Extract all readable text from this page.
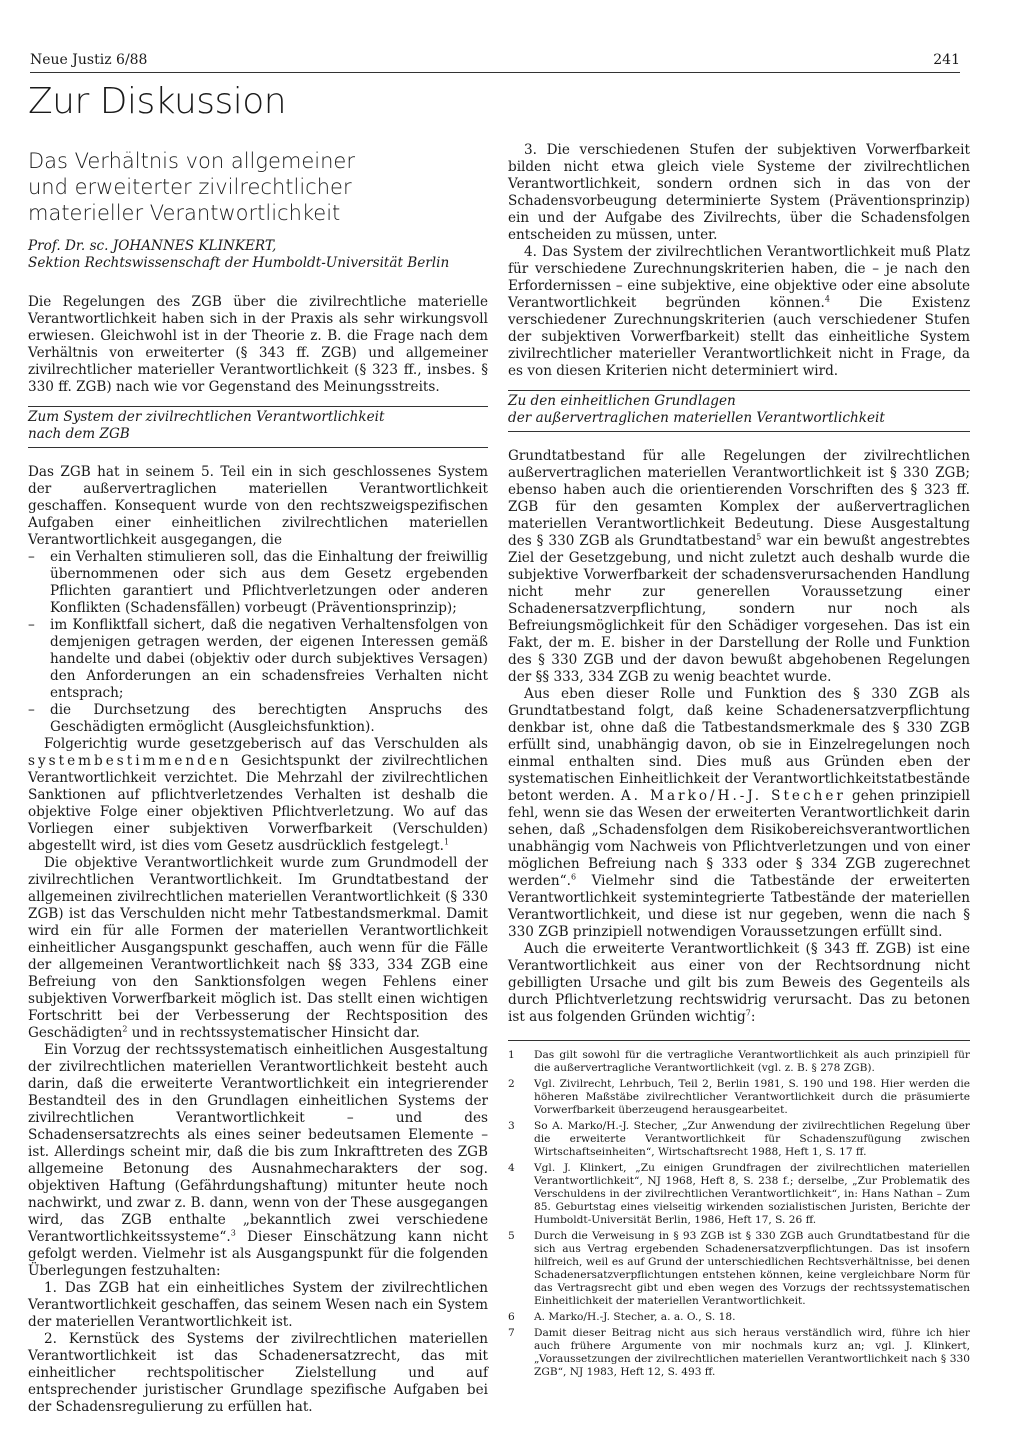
Neue Justiz 6/88	241
Zur Diskussion
Das Verhältnis von allgemeiner
und erweiterter zivilrechtlicher
materieller Verantwortlichkeit
Prof. Dr. sc. JOHANNES KLINKERT,
Sektion Rechtswissenschaft der Humboldt-Universität Berlin

Die Regelungen des ZGB über die zivilrechtliche materielle Verantwortlichkeit haben sich in der Praxis als sehr wirkungsvoll erwiesen. Gleichwohl ist in der Theorie z. B. die Frage nach dem Verhältnis von erweiterter (§ 343 ff. ZGB) und allgemeiner zivilrechtlicher materieller Verantwortlichkeit (§ 323 ff., insbes. § 330 ff. ZGB) nach wie vor Gegenstand des Meinungsstreits.

Zum System der zivilrechtlichen Verantwortlichkeit
nach dem ZGB

Das ZGB hat in seinem 5. Teil ein in sich geschlossenes System der außervertraglichen materiellen Verantwortlichkeit geschaffen. Konsequent wurde von den rechtszweigspezifischen Aufgaben einer einheitlichen zivilrechtlichen materiellen Verantwortlichkeit ausgegangen, die

– ein Verhalten stimulieren soll, das die Einhaltung der freiwillig übernommenen oder sich aus dem Gesetz ergebenden Pflichten garantiert und Pflichtverletzungen oder anderen Konflikten (Schadensfällen) vorbeugt (Präventionsprinzip);
– im Konfliktfall sichert, daß die negativen Verhaltensfolgen von demjenigen getragen werden, der eigenen Interessen gemäß handelte und dabei (objektiv oder durch subjektives Versagen) den Anforderungen an ein schadensfreies Verhalten nicht entsprach;
– die Durchsetzung des berechtigten Anspruchs des Geschädigten ermöglicht (Ausgleichsfunktion).

Folgerichtig wurde gesetzgeberisch auf das Verschulden als systembestimmenden Gesichtspunkt der zivilrechtlichen Verantwortlichkeit verzichtet. Die Mehrzahl der zivilrechtlichen Sanktionen auf pflichtverletzendes Verhalten ist deshalb die objektive Folge einer objektiven Pflichtverletzung. Wo auf das Vorliegen einer subjektiven Vorwerfbarkeit (Verschulden) abgestellt wird, ist dies vom Gesetz ausdrücklich festgelegt.$^1$

Die objektive Verantwortlichkeit wurde zum Grundmodell der zivilrechtlichen Verantwortlichkeit. Im Grundtatbestand der allgemeinen zivilrechtlichen materiellen Verantwortlichkeit (§ 330 ZGB) ist das Verschulden nicht mehr Tatbestandsmerkmal. Damit wird ein für alle Formen der materiellen Verantwortlichkeit einheitlicher Ausgangspunkt geschaffen, auch wenn für die Fälle der allgemeinen Verantwortlichkeit nach §§ 333, 334 ZGB eine Befreiung von den Sanktionsfolgen wegen Fehlens einer subjektiven Vorwerfbarkeit möglich ist. Das stellt einen wichtigen Fortschritt bei der Verbesserung der Rechtsposition des Geschädigten$^2$ und in rechtssystematischer Hinsicht dar.

Ein Vorzug der rechtssystematisch einheitlichen Ausgestaltung der zivilrechtlichen materiellen Verantwortlichkeit besteht auch darin, daß die erweiterte Verantwortlichkeit ein integrierender Bestandteil des in den Grundlagen einheitlichen Systems der zivilrechtlichen Verantwortlichkeit – und des Schadensersatzrechts als eines seiner bedeutsamen Elemente – ist. Allerdings scheint mir, daß die bis zum Inkrafttreten des ZGB allgemeine Betonung des Ausnahmecharakters der sog. objektiven Haftung (Gefährdungshaftung) mitunter heute noch nachwirkt, und zwar z. B. dann, wenn von der These ausgegangen wird, das ZGB enthalte „bekanntlich zwei verschiedene Verantwortlichkeitssysteme“.$^3$ Dieser Einschätzung kann nicht gefolgt werden. Vielmehr ist als Ausgangspunkt für die folgenden Überlegungen festzuhalten:

1. Das ZGB hat ein einheitliches System der zivilrechtlichen Verantwortlichkeit geschaffen, das seinem Wesen nach ein System der materiellen Verantwortlichkeit ist.

2. Kernstück des Systems der zivilrechtlichen materiellen Verantwortlichkeit ist das Schadenersatzrecht, das mit einheitlicher rechtspolitischer Zielstellung und auf entsprechender juristischer Grundlage spezifische Aufgaben bei der Schadensregulierung zu erfüllen hat.

3. Die verschiedenen Stufen der subjektiven Vorwerfbarkeit bilden nicht etwa gleich viele Systeme der zivilrechtlichen Verantwortlichkeit, sondern ordnen sich in das von der Schadensvorbeugung determinierte System (Präventionsprinzip) ein und der Aufgabe des Zivilrechts, über die Schadensfolgen entscheiden zu müssen, unter.

4. Das System der zivilrechtlichen Verantwortlichkeit muß Platz für verschiedene Zurechnungskriterien haben, die – je nach den Erfordernissen – eine subjektive, eine objektive oder eine absolute Verantwortlichkeit begründen können.$^4$ Die Existenz verschiedener Zurechnungskriterien (auch verschiedener Stufen der subjektiven Vorwerfbarkeit) stellt das einheitliche System zivilrechtlicher materieller Verantwortlichkeit nicht in Frage, da es von diesen Kriterien nicht determiniert wird.

Zu den einheitlichen Grundlagen
der außervertraglichen materiellen Verantwortlichkeit

Grundtatbestand für alle Regelungen der zivilrechtlichen außervertraglichen materiellen Verantwortlichkeit ist § 330 ZGB; ebenso haben auch die orientierenden Vorschriften des § 323 ff. ZGB für den gesamten Komplex der außervertraglichen materiellen Verantwortlichkeit Bedeutung. Diese Ausgestaltung des § 330 ZGB als Grundtatbestand$^5$ war ein bewußt angestrebtes Ziel der Gesetzgebung, und nicht zuletzt auch deshalb wurde die subjektive Vorwerfbarkeit der schadensverursachenden Handlung nicht mehr zur generellen Voraussetzung einer Schadenersatzverpflichtung, sondern nur noch als Befreiungsmöglichkeit für den Schädiger vorgesehen. Das ist ein Fakt, der m. E. bisher in der Darstellung der Rolle und Funktion des § 330 ZGB und der davon bewußt abgehobenen Regelungen der §§ 333, 334 ZGB zu wenig beachtet wurde.

Aus eben dieser Rolle und Funktion des § 330 ZGB als Grundtatbestand folgt, daß keine Schadenersatzverpflichtung denkbar ist, ohne daß die Tatbestandsmerkmale des § 330 ZGB erfüllt sind, unabhängig davon, ob sie in Einzelregelungen noch einmal enthalten sind. Dies muß aus Gründen eben der systematischen Einheitlichkeit der Verantwortlichkeitstatbestände betont werden. A. Marko/H.-J. Stecher gehen prinzipiell fehl, wenn sie das Wesen der erweiterten Verantwortlichkeit darin sehen, daß „Schadensfolgen dem Risikobereichsverantwortlichen unabhängig vom Nachweis von Pflichtverletzungen und von einer möglichen Befreiung nach § 333 oder § 334 ZGB zugerechnet werden“.$^6$ Vielmehr sind die Tatbestände der erweiterten Verantwortlichkeit systemintegrierte Tatbestände der materiellen Verantwortlichkeit, und diese ist nur gegeben, wenn die nach § 330 ZGB prinzipiell notwendigen Voraussetzungen erfüllt sind.

Auch die erweiterte Verantwortlichkeit (§ 343 ff. ZGB) ist eine Verantwortlichkeit aus einer von der Rechtsordnung nicht gebilligten Ursache und gilt bis zum Beweis des Gegenteils als durch Pflichtverletzung rechtswidrig verursacht. Das zu betonen ist aus folgenden Gründen wichtig$^7$:

1 Das gilt sowohl für die vertragliche Verantwortlichkeit als auch prinzipiell für die außervertragliche Verantwortlichkeit (vgl. z. B. § 278 ZGB).
2 Vgl. Zivilrecht, Lehrbuch, Teil 2, Berlin 1981, S. 190 und 198. Hier werden die höheren Maßstäbe zivilrechtlicher Verantwortlichkeit durch die präsumierte Vorwerfbarkeit überzeugend herausgearbeitet.
3 So A. Marko/H.-J. Stecher, „Zur Anwendung der zivilrechtlichen Regelung über die erweiterte Verantwortlichkeit für Schadenszufügung zwischen Wirtschaftseinheiten“, Wirtschaftsrecht 1988, Heft 1, S. 17 ff.
4 Vgl. J. Klinkert, „Zu einigen Grundfragen der zivilrechtlichen materiellen Verantwortlichkeit“, NJ 1968, Heft 8, S. 238 f.; derselbe, „Zur Problematik des Verschuldens in der zivilrechtlichen Verantwortlichkeit“, in: Hans Nathan – Zum 85. Geburtstag eines vielseitig wirkenden sozialistischen Juristen, Berichte der Humboldt-Universität Berlin, 1986, Heft 17, S. 26 ff.
5 Durch die Verweisung in § 93 ZGB ist § 330 ZGB auch Grundtatbestand für die sich aus Vertrag ergebenden Schadenersatzverpflichtungen. Das ist insofern hilfreich, weil es auf Grund der unterschiedlichen Rechtsverhältnisse, bei denen Schadenersatzverpflichtungen entstehen können, keine vergleichbare Norm für das Vertragsrecht gibt und eben wegen des Vorzugs der rechtssystematischen Einheitlichkeit der materiellen Verantwortlichkeit.
6 A. Marko/H.-J. Stecher, a. a. O., S. 18.
7 Damit dieser Beitrag nicht aus sich heraus verständlich wird, führe ich hier auch frühere Argumente von mir nochmals kurz an; vgl. J. Klinkert, „Voraussetzungen der zivilrechtlichen materiellen Verantwortlichkeit nach § 330 ZGB“, NJ 1983, Heft 12, S. 493 ff.
